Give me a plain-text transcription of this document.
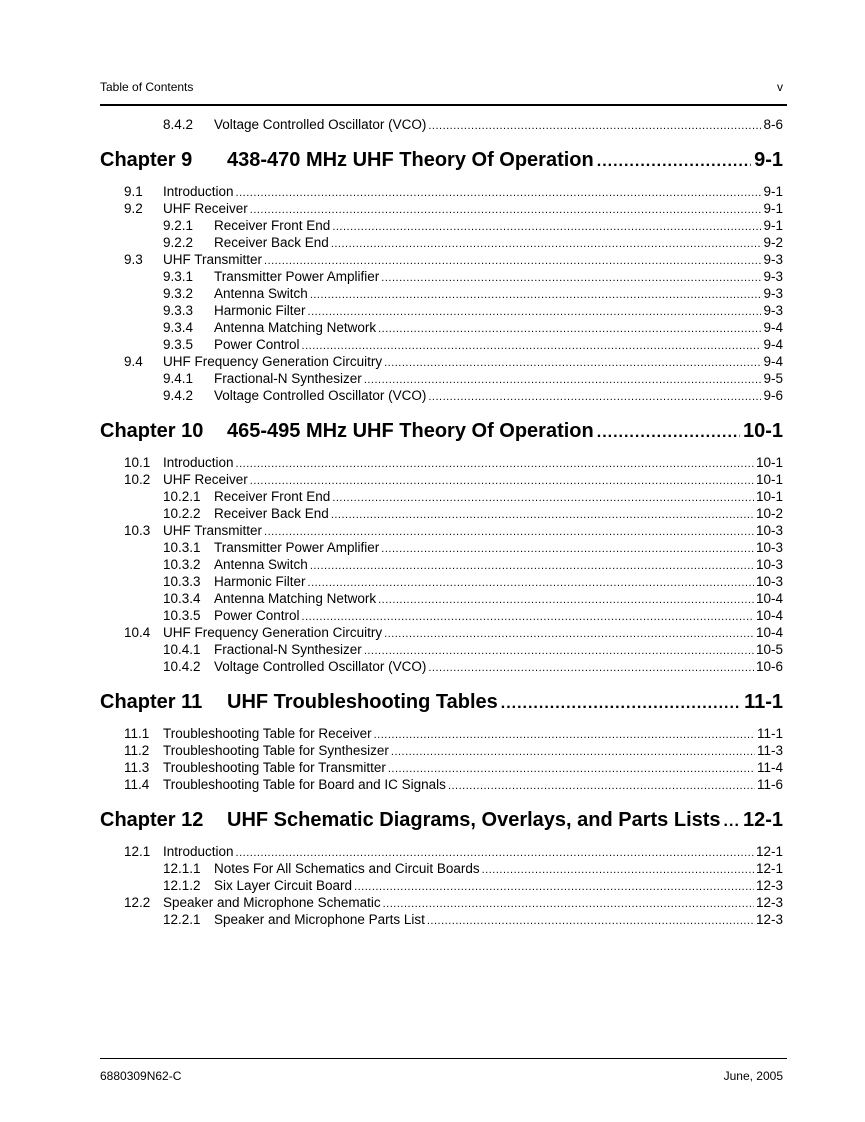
Table of Contents	v
8.4.2 Voltage Controlled Oscillator (VCO) .....	8-6
Chapter 9 438-470 MHz UHF Theory Of Operation .....	9-1
9.1 Introduction .....	9-1
9.2 UHF Receiver .....	9-1
9.2.1 Receiver Front End .....	9-1
9.2.2 Receiver Back End .....	9-2
9.3 UHF Transmitter .....	9-3
9.3.1 Transmitter Power Amplifier .....	9-3
9.3.2 Antenna Switch .....	9-3
9.3.3 Harmonic Filter .....	9-3
9.3.4 Antenna Matching Network .....	9-4
9.3.5 Power Control .....	9-4
9.4 UHF Frequency Generation Circuitry .....	9-4
9.4.1 Fractional-N Synthesizer .....	9-5
9.4.2 Voltage Controlled Oscillator (VCO) .....	9-6
Chapter 10 465-495 MHz UHF Theory Of Operation .....	10-1
10.1 Introduction .....	10-1
10.2 UHF Receiver .....	10-1
10.2.1 Receiver Front End .....	10-1
10.2.2 Receiver Back End .....	10-2
10.3 UHF Transmitter .....	10-3
10.3.1 Transmitter Power Amplifier .....	10-3
10.3.2 Antenna Switch .....	10-3
10.3.3 Harmonic Filter .....	10-3
10.3.4 Antenna Matching Network .....	10-4
10.3.5 Power Control .....	10-4
10.4 UHF Frequency Generation Circuitry .....	10-4
10.4.1 Fractional-N Synthesizer .....	10-5
10.4.2 Voltage Controlled Oscillator (VCO) .....	10-6
Chapter 11 UHF Troubleshooting Tables .....	11-1
11.1 Troubleshooting Table for Receiver .....	11-1
11.2 Troubleshooting Table for Synthesizer .....	11-3
11.3 Troubleshooting Table for Transmitter .....	11-4
11.4 Troubleshooting Table for Board and IC Signals .....	11-6
Chapter 12 UHF Schematic Diagrams, Overlays, and Parts Lists ..... 12-1
12.1 Introduction .....	12-1
12.1.1 Notes For All Schematics and Circuit Boards .....	12-1
12.1.2 Six Layer Circuit Board .....	12-3
12.2 Speaker and Microphone Schematic .....	12-3
12.2.1 Speaker and Microphone Parts List .....	12-3
6880309N62-C	June, 2005
